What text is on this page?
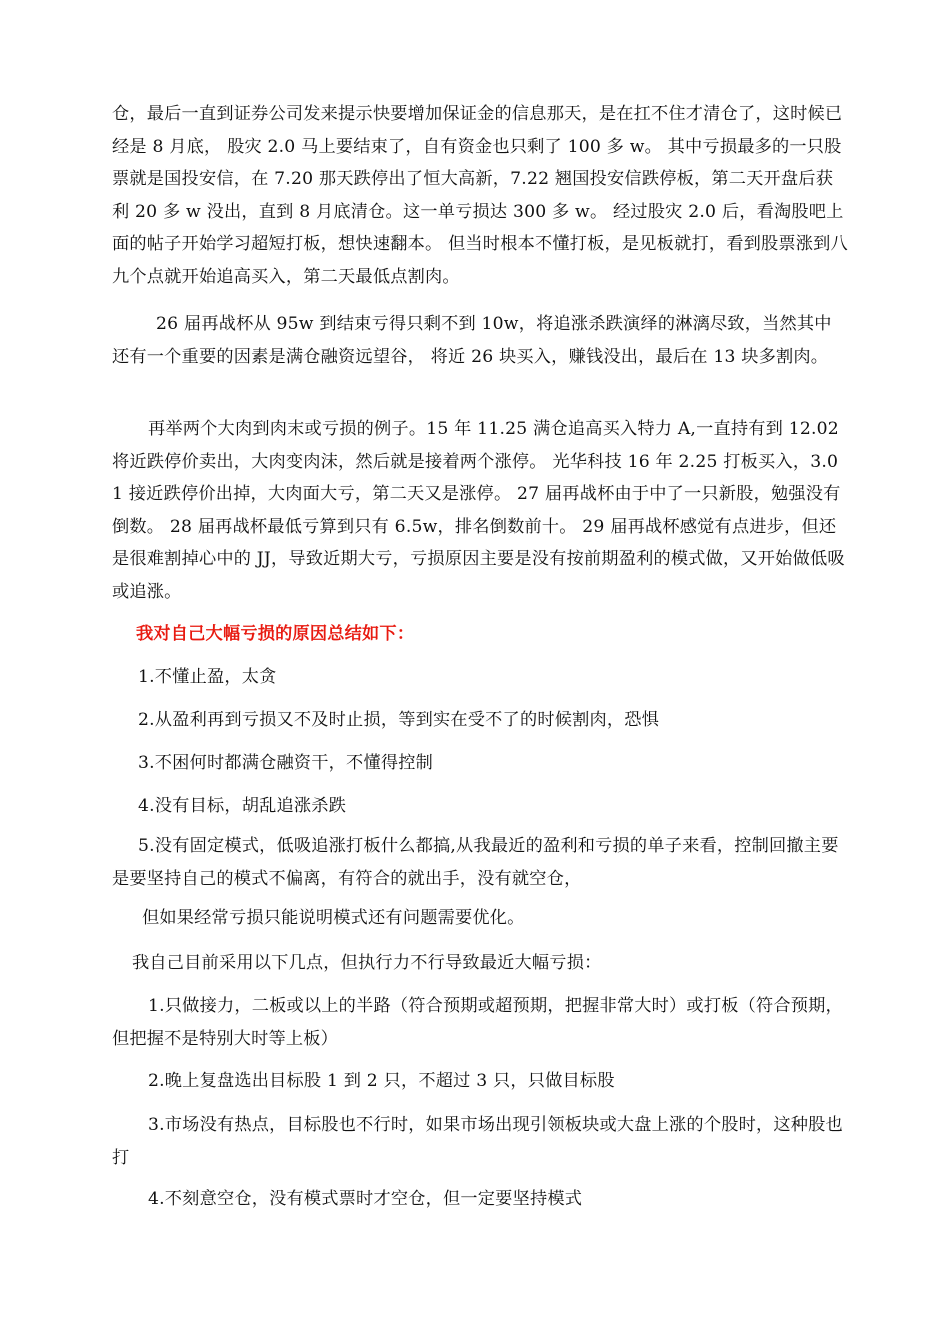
仓，最后一直到证券公司发来提示快要增加保证金的信息那天，是在扛不住才清仓了，这时候已经是 8 月底， 股灾 2.0 马上要结束了，自有资金也只剩了 100 多 w。 其中亏损最多的一只股票就是国投安信，在 7.20 那天跌停出了恒大高新，7.22 翘国投安信跌停板，第二天开盘后获利 20 多 w 没出，直到 8 月底清仓。这一单亏损达 300 多 w。 经过股灾 2.0 后，看淘股吧上面的帖子开始学习超短打板，想快速翻本。 但当时根本不懂打板，是见板就打，看到股票涨到八九个点就开始追高买入，第二天最低点割肉。

26 届再战杯从 95w 到结束亏得只剩不到 10w，将追涨杀跌演绎的淋漓尽致，当然其中还有一个重要的因素是满仓融资远望谷， 将近 26 块买入，赚钱没出，最后在 13 块多割肉。

再举两个大肉到肉末或亏损的例子。15 年 11.25 满仓追高买入特力 A,一直持有到 12.02 将近跌停价卖出，大肉变肉沫，然后就是接着两个涨停。 光华科技 16 年 2.25 打板买入，3.01 接近跌停价出掉，大肉面大亏，第二天又是涨停。 27 届再战杯由于中了一只新股，勉强没有倒数。 28 届再战杯最低亏算到只有 6.5w，排名倒数前十。 29 届再战杯感觉有点进步，但还是很难割掉心中的 JJ，导致近期大亏，亏损原因主要是没有按前期盈利的模式做，又开始做低吸或追涨。

我对自己大幅亏损的原因总结如下：

1.不懂止盈，太贪

2.从盈利再到亏损又不及时止损，等到实在受不了的时候割肉，恐惧

3.不困何时都满仓融资干，不懂得控制

4.没有目标，胡乱追涨杀跌

5.没有固定模式，低吸追涨打板什么都搞,从我最近的盈利和亏损的单子来看，控制回撤主要是要坚持自己的模式不偏离，有符合的就出手，没有就空仓，

但如果经常亏损只能说明模式还有问题需要优化。

我自己目前采用以下几点，但执行力不行导致最近大幅亏损：

1.只做接力，二板或以上的半路（符合预期或超预期，把握非常大时）或打板（符合预期，但把握不是特别大时等上板）

2.晚上复盘选出目标股 1 到 2 只，不超过 3 只，只做目标股

3.市场没有热点，目标股也不行时，如果市场出现引领板块或大盘上涨的个股时，这种股也打

4.不刻意空仓，没有模式票时才空仓，但一定要坚持模式
